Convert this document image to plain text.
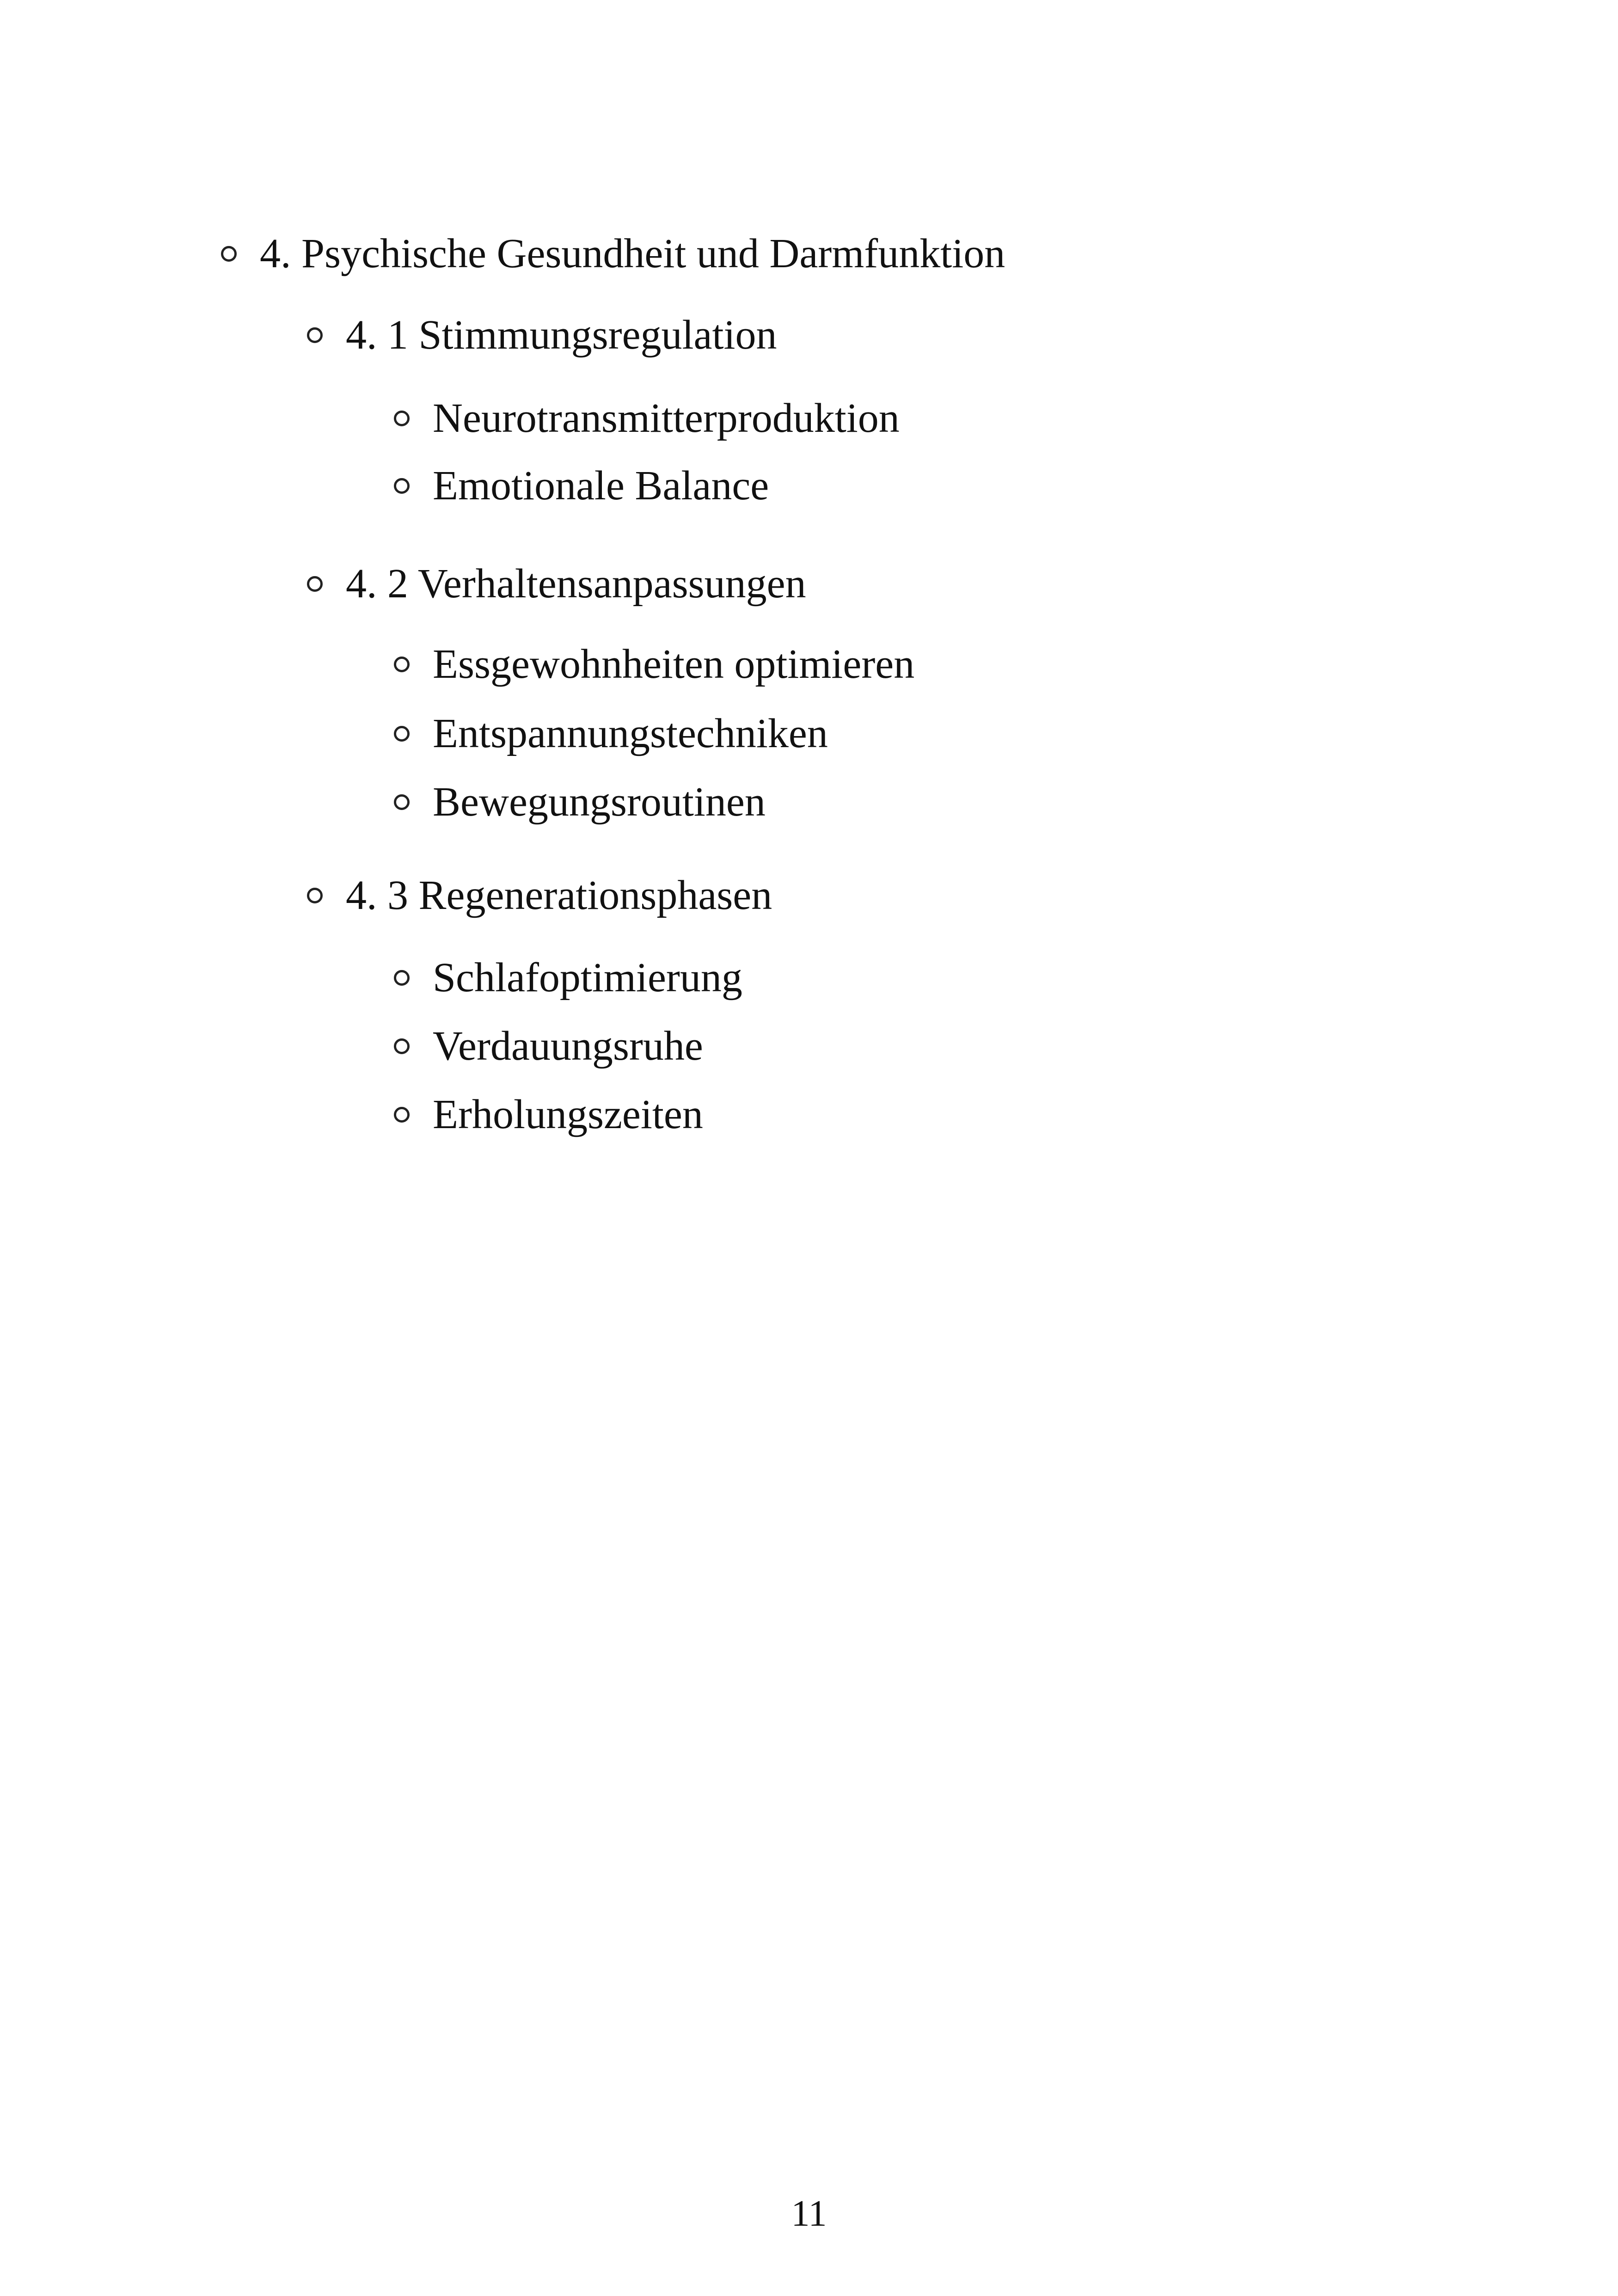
4. Psychische Gesundheit und Darmfunktion
4. 1 Stimmungsregulation
Neurotransmitterproduktion
Emotionale Balance
4. 2 Verhaltensanpassungen
Essgewohnheiten optimieren
Entspannungstechniken
Bewegungsroutinen
4. 3 Regenerationsphasen
Schlafoptimierung
Verdauungsruhe
Erholungszeiten
11
